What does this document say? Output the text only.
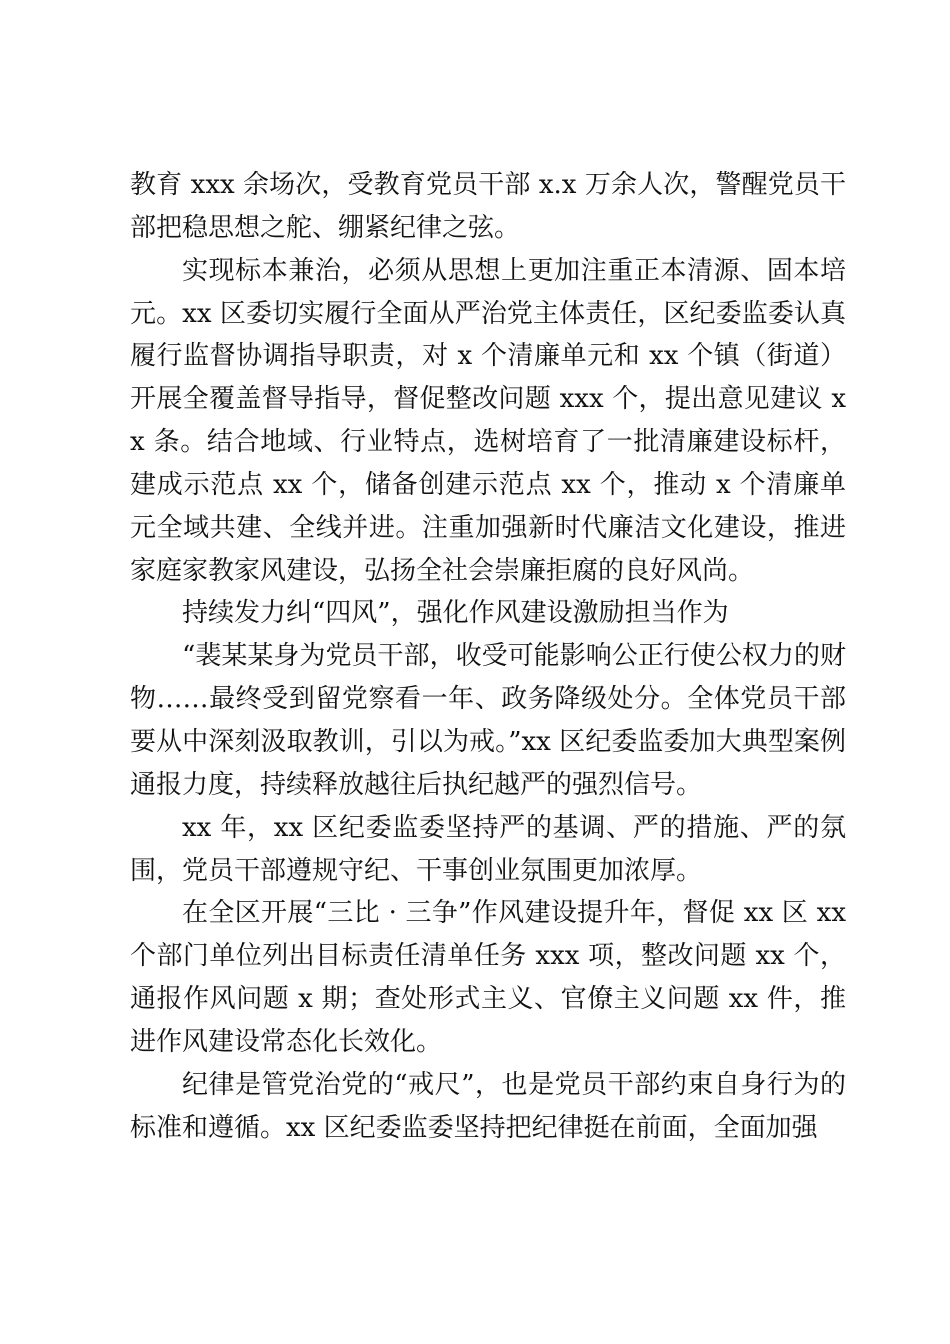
教育 xxx 余场次，受教育党员干部 x.x 万余人次，警醒党员干部把稳思想之舵、绷紧纪律之弦。

实现标本兼治，必须从思想上更加注重正本清源、固本培元。xx 区委切实履行全面从严治党主体责任，区纪委监委认真履行监督协调指导职责，对 x 个清廉单元和 xx 个镇（街道）开展全覆盖督导指导，督促整改问题 xxx 个，提出意见建议 xx 条。结合地域、行业特点，选树培育了一批清廉建设标杆，建成示范点 xx 个，储备创建示范点 xx 个，推动 x 个清廉单元全域共建、全线并进。注重加强新时代廉洁文化建设，推进家庭家教家风建设，弘扬全社会崇廉拒腐的良好风尚。

持续发力纠“四风”，强化作风建设激励担当作为

“裴某某身为党员干部，收受可能影响公正行使公权力的财物……最终受到留党察看一年、政务降级处分。全体党员干部要从中深刻汲取教训，引以为戒。”xx 区纪委监委加大典型案例通报力度，持续释放越往后执纪越严的强烈信号。

xx 年，xx 区纪委监委坚持严的基调、严的措施、严的氛围，党员干部遵规守纪、干事创业氛围更加浓厚。

在全区开展“三比 · 三争”作风建设提升年，督促 xx 区 xx 个部门单位列出目标责任清单任务 xxx 项，整改问题 xx 个，通报作风问题 x 期；查处形式主义、官僚主义问题 xx 件，推进作风建设常态化长效化。

纪律是管党治党的“戒尺”，也是党员干部约束自身行为的标准和遵循。xx 区纪委监委坚持把纪律挺在前面，全面加强
